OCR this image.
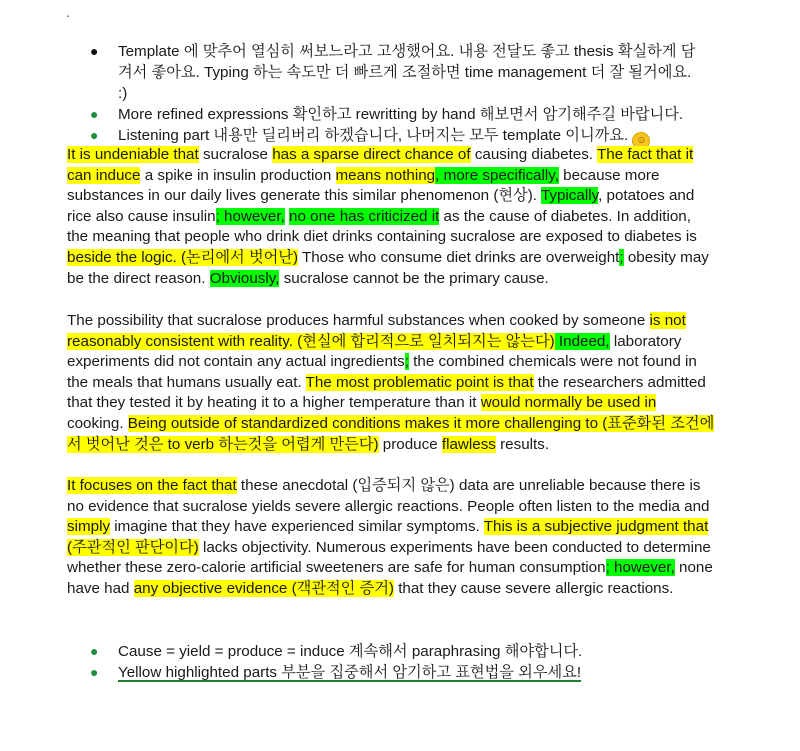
.
● Template 에 맞추어 열심히 써보느라고 고생했어요. 내용 전달도 좋고 thesis 확실하게 담겨서 좋아요. Typing 하는 속도만 더 빠르게 조절하면 time management 더 잘 될거에요. :)
● More refined expressions 확인하고 rewritting by hand 해보면서 암기해주길 바랍니다.
● Listening part 내용만 딜리버리 하겠습니다, 나머지는 모두 template 이니까요. ☺

It is undeniable that sucralose has a sparse direct chance of causing diabetes. The fact that it can induce a spike in insulin production means nothing, more specifically, because more substances in our daily lives generate this similar phenomenon (현상). Typically, potatoes and rice also cause insulin; however, no one has criticized it as the cause of diabetes. In addition, the meaning that people who drink diet drinks containing sucralose are exposed to diabetes is beside the logic. (논리에서 벗어난) Those who consume diet drinks are overweight; obesity may be the direct reason. Obviously, sucralose cannot be the primary cause.

The possibility that sucralose produces harmful substances when cooked by someone is not reasonably consistent with reality. (현실에 합리적으로 일치되지는 않는다) Indeed, laboratory experiments did not contain any actual ingredients; the combined chemicals were not found in the meals that humans usually eat. The most problematic point is that the researchers admitted that they tested it by heating it to a higher temperature than it would normally be used in cooking. Being outside of standardized conditions makes it more challenging to (표준화된 조건에서 벗어난 것은 to verb 하는것을 어렵게 만든다) produce flawless results.

It focuses on the fact that these anecdotal (입증되지 않은) data are unreliable because there is no evidence that sucralose yields severe allergic reactions. People often listen to the media and simply imagine that they have experienced similar symptoms. This is a subjective judgment that (주관적인 판단이다) lacks objectivity. Numerous experiments have been conducted to determine whether these zero-calorie artificial sweeteners are safe for human consumption; however, none have had any objective evidence (객관적인 증거) that they cause severe allergic reactions.

● Cause = yield = produce = induce 계속해서 paraphrasing 해야합니다.
● Yellow highlighted parts 부분을 집중해서 암기하고 표현법을 외우세요!
